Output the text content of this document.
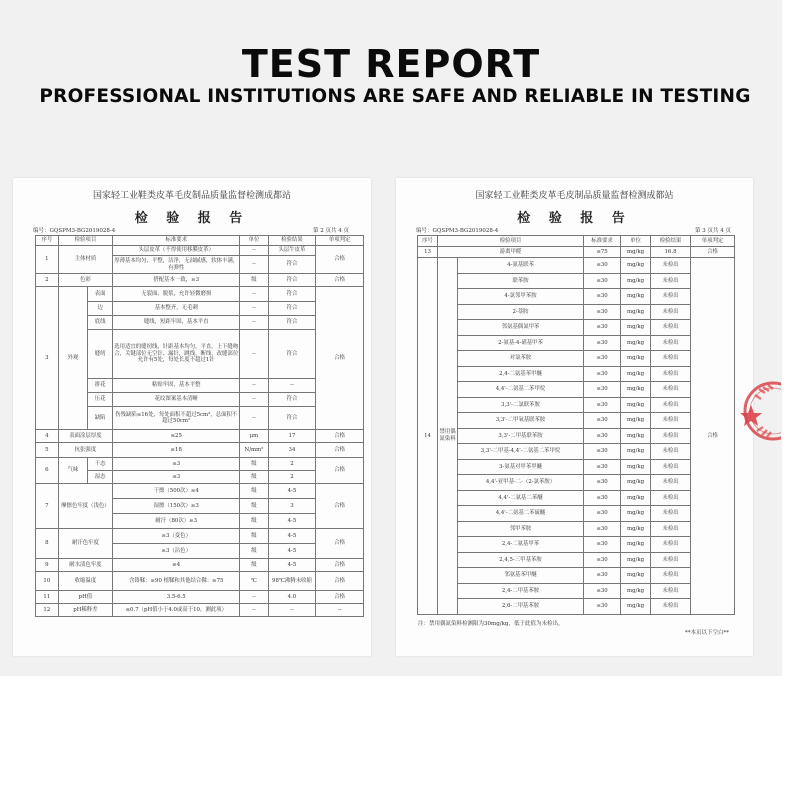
TEST REPORT
PROFESSIONAL INSTITUTIONS ARE SAFE AND RELIABLE IN TESTING
国家轻工业鞋类皮革毛皮制品质量监督检测成都站
检 验 报 告
编号：GQSPM3-BG2019028-4	第 2 页共 4 页
序号	检验项目		标准要求	单位	检验结果	单项判定
1	主体材质		头层皮革（不得使用移膜皮革）	--	头层牛皮革	合格
			厚薄基本均匀，平整，洁净，无油腻感，软体丰满，有弹性	--	符合	
2	色彩		搭配基本一致，≥3	级	符合	合格
3	外观	表面	无裂面、脱浆，允许轻微磨损	--	符合	合格
		边	基本整齐，无毛刺	--	符合	
		底线	缝线，短距牢固，基本平直	--	符合	
		缝纫	选用适宜的缝纫线，针距基本均匀，平直，上下缝吻合，关键部位无空针、漏针，跳线，断线，改缝部位允许有5处，每处长度不超过1针	--	符合	
		拼花	粘贴牢固，基本平整	--	--	
		压花	花纹图案基本清晰	--	符合	
		缺陷	伤残缺陷≤16处，每处面积不超过5cm²，总面积不超过50cm²	--	符合	
4	表面涂层厚度		≤25	μm	17	合格
5	抗张强度		≥18	N/mm²	34	合格
6	气味	干态	≤3	级	2	合格
		湿态	≤3	级	2	
7	摩擦色牢度（浅色）		干擦（500次）≥4	级	4-5	合格
			湿擦（150次）≥3	级	3	
			耐汗（80次）≥3	级	4-5	
8	耐汗色牢度		≥3（变色）	级	4-5	合格
			≥3（沾色）	级	4-5	
9	耐水渍色牢度		≥4	级	4-5	合格
10	收缩温度		含铬鞣：≥90 植鞣和其他结合鞣：≥75	℃	98℃沸腾未收缩	合格
11	pH值		3.5-6.5	--	4.0	合格
12	pH稀释差		≤0.7（pH值小于4.0或高于10，测此项）	--	--	--
国家轻工业鞋类皮革毛皮制品质量监督检测成都站
检 验 报 告
编号：GQSPM3-BG2019028-4	第 3 页共 4 页
序号	检验项目		标准要求	单位	检验结果	单项判定
13	游离甲醛		≤75	mg/kg	16.8	合格
14	禁用偶氮染料	4-氨基联苯	≤30	mg/kg	未检出	合格
		联苯胺	≤30	mg/kg	未检出	
		4-氯邻甲苯胺	≤30	mg/kg	未检出	
		2-萘胺	≤30	mg/kg	未检出	
		邻氨基偶氮甲苯	≤30	mg/kg	未检出	
		2-氨基-4-硝基甲苯	≤30	mg/kg	未检出	
		对氯苯胺	≤30	mg/kg	未检出	
		2,4-二氨基苯甲醚	≤30	mg/kg	未检出	
		4,4'-二氨基二苯甲烷	≤30	mg/kg	未检出	
		3,3'-二氯联苯胺	≤30	mg/kg	未检出	
		3,3'-二甲氧基联苯胺	≤30	mg/kg	未检出	
		3,3'-二甲基联苯胺	≤30	mg/kg	未检出	
		3,3'-二甲基-4,4'-二氨基二苯甲烷	≤30	mg/kg	未检出	
		3-氨基对甲苯甲醚	≤30	mg/kg	未检出	
		4,4'-亚甲基-二-（2-氯苯胺）	≤30	mg/kg	未检出	
		4,4'-二氨基二苯醚	≤30	mg/kg	未检出	
		4,4'-二氨基二苯硫醚	≤30	mg/kg	未检出	
		邻甲苯胺	≤30	mg/kg	未检出	
		2,4-二氨基甲苯	≤30	mg/kg	未检出	
		2,4,5-三甲基苯胺	≤30	mg/kg	未检出	
		邻氨基苯甲醚	≤30	mg/kg	未检出	
		2,4-二甲基苯胺	≤30	mg/kg	未检出	
		2,6-二甲基苯胺	≤30	mg/kg	未检出	
注：禁用偶氮染料检测限为30mg/kg，低于此值为未检出。
**本页以下空白**
